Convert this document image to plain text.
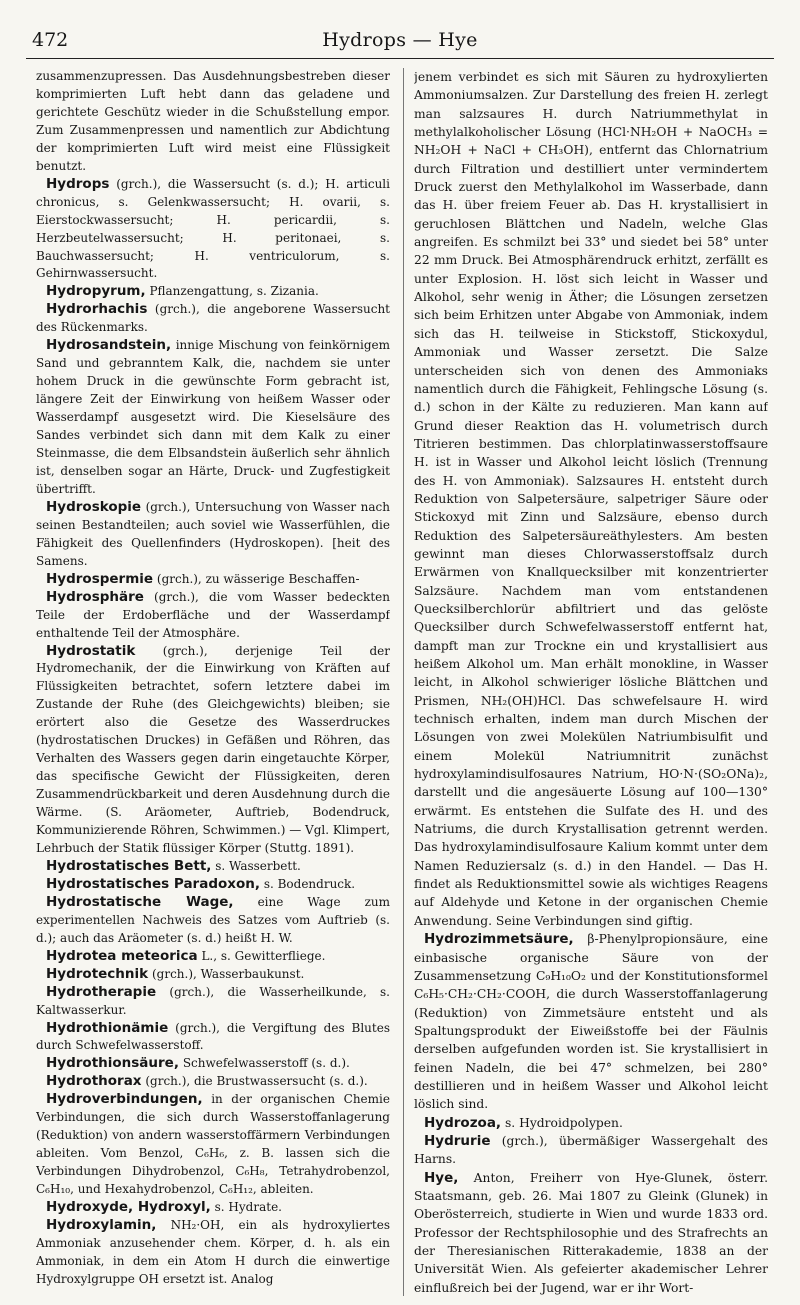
472	Hydrops — Hye

zusammenzupressen. Das Ausdehnungsbestreben dieser komprimierten Luft hebt dann das geladene und gerichtete Geschütz wieder in die Schußstellung empor. Zum Zusammenpressen und namentlich zur Abdichtung der komprimierten Luft wird meist eine Flüssigkeit benutzt.

Hydrops (grch.), die Wassersucht (s. d.); H. articuli chronicus, s. Gelenkwassersucht; H. ovarii, s. Eierstockwassersucht; H. pericardii, s. Herzbeutelwassersucht; H. peritonaei, s. Bauchwassersucht; H. ventriculorum, s. Gehirnwassersucht.

Hydropyrum, Pflanzengattung, s. Zizania.

Hydrorhachis (grch.), die angeborene Wassersucht des Rückenmarks.

Hydrosandstein, innige Mischung von feinkörnigem Sand und gebranntem Kalk, die, nachdem sie unter hohem Druck in die gewünschte Form gebracht ist, längere Zeit der Einwirkung von heißem Wasser oder Wasserdampf ausgesetzt wird. Die Kieselsäure des Sandes verbindet sich dann mit dem Kalk zu einer Steinmasse, die dem Elbsandstein äußerlich sehr ähnlich ist, denselben sogar an Härte, Druck- und Zugfestigkeit übertrifft.

Hydroskopie (grch.), Untersuchung von Wasser nach seinen Bestandteilen; auch soviel wie Wasserfühlen, die Fähigkeit des Quellenfinders (Hydroskopen). [heit des Samens.

Hydrospermie (grch.), zu wässerige Beschaffen-

Hydrosphäre (grch.), die vom Wasser bedeckten Teile der Erdoberfläche und der Wasserdampf enthaltende Teil der Atmosphäre.

Hydrostatik (grch.), derjenige Teil der Hydromechanik, der die Einwirkung von Kräften auf Flüssigkeiten betrachtet, sofern letztere dabei im Zustande der Ruhe (des Gleichgewichts) bleiben; sie erörtert also die Gesetze des Wasserdruckes (hydrostatischen Druckes) in Gefäßen und Röhren, das Verhalten des Wassers gegen darin eingetauchte Körper, das specifische Gewicht der Flüssigkeiten, deren Zusammendrückbarkeit und deren Ausdehnung durch die Wärme. (S. Aräometer, Auftrieb, Bodendruck, Kommunizierende Röhren, Schwimmen.) — Vgl. Klimpert, Lehrbuch der Statik flüssiger Körper (Stuttg. 1891).

Hydrostatisches Bett, s. Wasserbett.

Hydrostatisches Paradoxon, s. Bodendruck.

Hydrostatische Wage, eine Wage zum experimentellen Nachweis des Satzes vom Auftrieb (s. d.); auch das Aräometer (s. d.) heißt H. W.

Hydrotea meteorica L., s. Gewitterfliege.

Hydrotechnik (grch.), Wasserbaukunst.

Hydrotherapie (grch.), die Wasserheilkunde, s. Kaltwasserkur.

Hydrothionämie (grch.), die Vergiftung des Blutes durch Schwefelwasserstoff.

Hydrothionsäure, Schwefelwasserstoff (s. d.).

Hydrothorax (grch.), die Brustwassersucht (s. d.).

Hydroverbindungen, in der organischen Chemie Verbindungen, die sich durch Wasserstoffanlagerung (Reduktion) von andern wasserstoffärmern Verbindungen ableiten. Vom Benzol, C₆H₆, z. B. lassen sich die Verbindungen Dihydrobenzol, C₆H₈, Tetrahydrobenzol, C₆H₁₀, und Hexahydrobenzol, C₆H₁₂, ableiten.

Hydroxyde, Hydroxyl, s. Hydrate.

Hydroxylamin, NH₂·OH, ein als hydroxyliertes Ammoniak anzusehender chem. Körper, d. h. als ein Ammoniak, in dem ein Atom H durch die einwertige Hydroxylgruppe OH ersetzt ist. Analog

jenem verbindet es sich mit Säuren zu hydroxylierten Ammoniumsalzen. Zur Darstellung des freien H. zerlegt man salzsaures H. durch Natriummethylat in methylalkoholischer Lösung (HCl·NH₂OH + NaOCH₃ = NH₂OH + NaCl + CH₃OH), entfernt das Chlornatrium durch Filtration und destilliert unter vermindertem Druck zuerst den Methylalkohol im Wasserbade, dann das H. über freiem Feuer ab. Das H. krystallisiert in geruchlosen Blättchen und Nadeln, welche Glas angreifen. Es schmilzt bei 33° und siedet bei 58° unter 22 mm Druck. Bei Atmosphärendruck erhitzt, zerfällt es unter Explosion. H. löst sich leicht in Wasser und Alkohol, sehr wenig in Äther; die Lösungen zersetzen sich beim Erhitzen unter Abgabe von Ammoniak, indem sich das H. teilweise in Stickstoff, Stickoxydul, Ammoniak und Wasser zersetzt. Die Salze unterscheiden sich von denen des Ammoniaks namentlich durch die Fähigkeit, Fehlingsche Lösung (s. d.) schon in der Kälte zu reduzieren. Man kann auf Grund dieser Reaktion das H. volumetrisch durch Titrieren bestimmen. Das chlorplatinwasserstoffsaure H. ist in Wasser und Alkohol leicht löslich (Trennung des H. von Ammoniak). Salzsaures H. entsteht durch Reduktion von Salpetersäure, salpetriger Säure oder Stickoxyd mit Zinn und Salzsäure, ebenso durch Reduktion des Salpetersäureäthylesters. Am besten gewinnt man dieses Chlorwasserstoffsalz durch Erwärmen von Knallquecksilber mit konzentrierter Salzsäure. Nachdem man vom entstandenen Quecksilberchlorür abfiltriert und das gelöste Quecksilber durch Schwefelwasserstoff entfernt hat, dampft man zur Trockne ein und krystallisiert aus heißem Alkohol um. Man erhält monokline, in Wasser leicht, in Alkohol schwieriger lösliche Blättchen und Prismen, NH₂(OH)HCl. Das schwefelsaure H. wird technisch erhalten, indem man durch Mischen der Lösungen von zwei Molekülen Natriumbisulfit und einem Molekül Natriumnitrit zunächst hydroxylamindisulfosaures Natrium, HO·N·(SO₂ONa)₂, darstellt und die angesäuerte Lösung auf 100—130° erwärmt. Es entstehen die Sulfate des H. und des Natriums, die durch Krystallisation getrennt werden. Das hydroxylamindisulfosaure Kalium kommt unter dem Namen Reduziersalz (s. d.) in den Handel. — Das H. findet als Reduktionsmittel sowie als wichtiges Reagens auf Aldehyde und Ketone in der organischen Chemie Anwendung. Seine Verbindungen sind giftig.

Hydrozimmetsäure, β-Phenylpropionsäure, eine einbasische organische Säure von der Zusammensetzung C₉H₁₀O₂ und der Konstitutionsformel C₆H₅·CH₂·CH₂·COOH, die durch Wasserstoffanlagerung (Reduktion) von Zimmetsäure entsteht und als Spaltungsprodukt der Eiweißstoffe bei der Fäulnis derselben aufgefunden worden ist. Sie krystallisiert in feinen Nadeln, die bei 47° schmelzen, bei 280° destillieren und in heißem Wasser und Alkohol leicht löslich sind.

Hydrozoa, s. Hydroidpolypen.

Hydrurie (grch.), übermäßiger Wassergehalt des Harns.

Hye, Anton, Freiherr von Hye-Glunek, österr. Staatsmann, geb. 26. Mai 1807 zu Gleink (Glunek) in Oberösterreich, studierte in Wien und wurde 1833 ord. Professor der Rechtsphilosophie und des Strafrechts an der Theresianischen Ritterakademie, 1838 an der Universität Wien. Als gefeierter akademischer Lehrer einflußreich bei der Jugend, war er ihr Wort-
